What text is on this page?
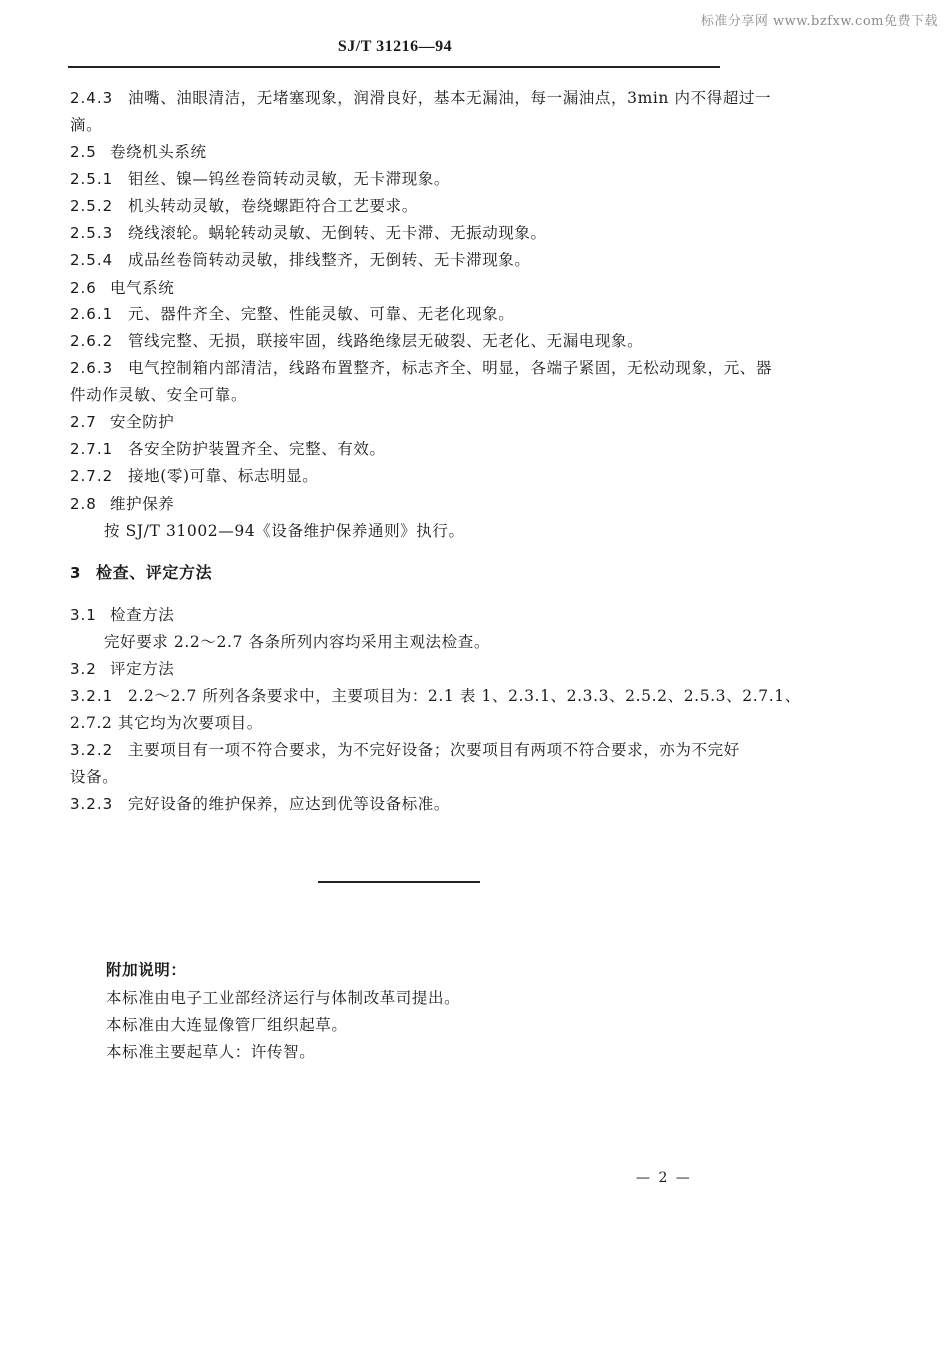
标准分享网 www.bzfxw.com免费下载
SJ/T 31216—94
2.4.3 油嘴、油眼清洁，无堵塞现象，润滑良好，基本无漏油，每一漏油点，3min 内不得超过一
滴。
2.5 卷绕机头系统
2.5.1 钼丝、镍—钨丝卷筒转动灵敏，无卡滞现象。
2.5.2 机头转动灵敏，卷绕螺距符合工艺要求。
2.5.3 绕线滚轮。蜗轮转动灵敏、无倒转、无卡滞、无振动现象。
2.5.4 成品丝卷筒转动灵敏，排线整齐，无倒转、无卡滞现象。
2.6 电气系统
2.6.1 元、器件齐全、完整、性能灵敏、可靠、无老化现象。
2.6.2 管线完整、无损，联接牢固，线路绝缘层无破裂、无老化、无漏电现象。
2.6.3 电气控制箱内部清洁，线路布置整齐，标志齐全、明显，各端子紧固，无松动现象，元、器
件动作灵敏、安全可靠。
2.7 安全防护
2.7.1 各安全防护装置齐全、完整、有效。
2.7.2 接地(零)可靠、标志明显。
2.8 维护保养
按 SJ/T 31002—94《设备维护保养通则》执行。
3 检查、评定方法
3.1 检查方法
完好要求 2.2～2.7 各条所列内容均采用主观法检查。
3.2 评定方法
3.2.1 2.2～2.7 所列各条要求中，主要项目为：2.1 表 1、2.3.1、2.3.3、2.5.2、2.5.3、2.7.1、
2.7.2 其它均为次要项目。
3.2.2 主要项目有一项不符合要求，为不完好设备；次要项目有两项不符合要求，亦为不完好
设备。
3.2.3 完好设备的维护保养，应达到优等设备标准。
附加说明：
本标准由电子工业部经济运行与体制改革司提出。
本标准由大连显像管厂组织起草。
本标准主要起草人：许传智。
— 2 —
